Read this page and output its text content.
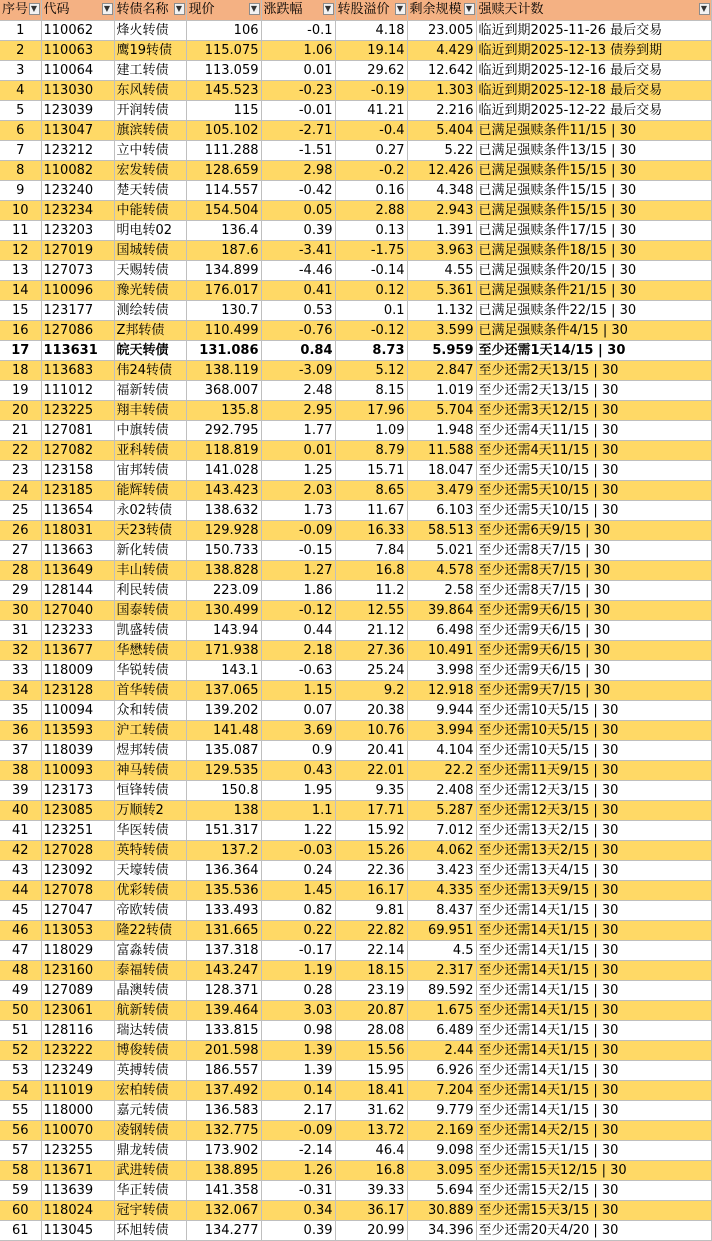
序号 ▼	代码 ▼	转债名称 ▼	现价 ▼	涨跌幅 ▼	转股溢价 ▼	剩余规模 ▼	强赎天计数 ▼

1	110062	烽火转债	106	-0.1	4.18	23.005	临近到期2025-11-26 最后交易
2	110063	鹰19转债	115.075	1.06	19.14	4.429	临近到期2025-12-13 债券到期
3	110064	建工转债	113.059	0.01	29.62	12.642	临近到期2025-12-16 最后交易
4	113030	东风转债	145.523	-0.23	-0.19	1.303	临近到期2025-12-18 最后交易
5	123039	开润转债	115	-0.01	41.21	2.216	临近到期2025-12-22 最后交易
6	113047	旗滨转债	105.102	-2.71	-0.4	5.404	已满足强赎条件11/15 | 30
7	123212	立中转债	111.288	-1.51	0.27	5.22	已满足强赎条件13/15 | 30
8	110082	宏发转债	128.659	2.98	-0.2	12.426	已满足强赎条件15/15 | 30
9	123240	楚天转债	114.557	-0.42	0.16	4.348	已满足强赎条件15/15 | 30
10	123234	中能转债	154.504	0.05	2.88	2.943	已满足强赎条件15/15 | 30
11	123203	明电转02	136.4	0.39	0.13	1.391	已满足强赎条件17/15 | 30
12	127019	国城转债	187.6	-3.41	-1.75	3.963	已满足强赎条件18/15 | 30
13	127073	天赐转债	134.899	-4.46	-0.14	4.55	已满足强赎条件20/15 | 30
14	110096	豫光转债	176.017	0.41	0.12	5.361	已满足强赎条件21/15 | 30
15	123177	测绘转债	130.7	0.53	0.1	1.132	已满足强赎条件22/15 | 30
16	127086	Z邦转债	110.499	-0.76	-0.12	3.599	已满足强赎条件4/15 | 30
17	113631	皖天转债	131.086	0.84	8.73	5.959	至少还需1天14/15 | 30
18	113683	伟24转债	138.119	-3.09	5.12	2.847	至少还需2天13/15 | 30
19	111012	福新转债	368.007	2.48	8.15	1.019	至少还需2天13/15 | 30
20	123225	翔丰转债	135.8	2.95	17.96	5.704	至少还需3天12/15 | 30
21	127081	中旗转债	292.795	1.77	1.09	1.948	至少还需4天11/15 | 30
22	127082	亚科转债	118.819	0.01	8.79	11.588	至少还需4天11/15 | 30
23	123158	宙邦转债	141.028	1.25	15.71	18.047	至少还需5天10/15 | 30
24	123185	能辉转债	143.423	2.03	8.65	3.479	至少还需5天10/15 | 30
25	113654	永02转债	138.632	1.73	11.67	6.103	至少还需5天10/15 | 30
26	118031	天23转债	129.928	-0.09	16.33	58.513	至少还需6天9/15 | 30
27	113663	新化转债	150.733	-0.15	7.84	5.021	至少还需8天7/15 | 30
28	113649	丰山转债	138.828	1.27	16.8	4.578	至少还需8天7/15 | 30
29	128144	利民转债	223.09	1.86	11.2	2.58	至少还需8天7/15 | 30
30	127040	国泰转债	130.499	-0.12	12.55	39.864	至少还需9天6/15 | 30
31	123233	凯盛转债	143.94	0.44	21.12	6.498	至少还需9天6/15 | 30
32	113677	华懋转债	171.938	2.18	27.36	10.491	至少还需9天6/15 | 30
33	118009	华锐转债	143.1	-0.63	25.24	3.998	至少还需9天6/15 | 30
34	123128	首华转债	137.065	1.15	9.2	12.918	至少还需9天7/15 | 30
35	110094	众和转债	139.202	0.07	20.38	9.944	至少还需10天5/15 | 30
36	113593	沪工转债	141.48	3.69	10.76	3.994	至少还需10天5/15 | 30
37	118039	煜邦转债	135.087	0.9	20.41	4.104	至少还需10天5/15 | 30
38	110093	神马转债	129.535	0.43	22.01	22.2	至少还需11天9/15 | 30
39	123173	恒锋转债	150.8	1.95	9.35	2.408	至少还需12天3/15 | 30
40	123085	万顺转2	138	1.1	17.71	5.287	至少还需12天3/15 | 30
41	123251	华医转债	151.317	1.22	15.92	7.012	至少还需13天2/15 | 30
42	127028	英特转债	137.2	-0.03	15.26	4.062	至少还需13天2/15 | 30
43	123092	天壕转债	136.364	0.24	22.36	3.423	至少还需13天4/15 | 30
44	127078	优彩转债	135.536	1.45	16.17	4.335	至少还需13天9/15 | 30
45	127047	帝欧转债	133.493	0.82	9.81	8.437	至少还需14天1/15 | 30
46	113053	隆22转债	131.665	0.22	22.82	69.951	至少还需14天1/15 | 30
47	118029	富淼转债	137.318	-0.17	22.14	4.5	至少还需14天1/15 | 30
48	123160	泰福转债	143.247	1.19	18.15	2.317	至少还需14天1/15 | 30
49	127089	晶澳转债	128.371	0.28	23.19	89.592	至少还需14天1/15 | 30
50	123061	航新转债	139.464	3.03	20.87	1.675	至少还需14天1/15 | 30
51	128116	瑞达转债	133.815	0.98	28.08	6.489	至少还需14天1/15 | 30
52	123222	博俊转债	201.598	1.39	15.56	2.44	至少还需14天1/15 | 30
53	123249	英搏转债	186.557	1.39	15.95	6.926	至少还需14天1/15 | 30
54	111019	宏柏转债	137.492	0.14	18.41	7.204	至少还需14天1/15 | 30
55	118000	嘉元转债	136.583	2.17	31.62	9.779	至少还需14天1/15 | 30
56	110070	凌钢转债	132.775	-0.09	13.72	2.169	至少还需14天2/15 | 30
57	123255	鼎龙转债	173.902	-2.14	46.4	9.098	至少还需15天1/15 | 30
58	113671	武进转债	138.895	1.26	16.8	3.095	至少还需15天12/15 | 30
59	113639	华正转债	141.358	-0.31	39.33	5.694	至少还需15天2/15 | 30
60	118024	冠宇转债	132.067	0.34	36.17	30.889	至少还需15天3/15 | 30
61	113045	环旭转债	134.277	0.39	20.99	34.396	至少还需20天4/20 | 30
